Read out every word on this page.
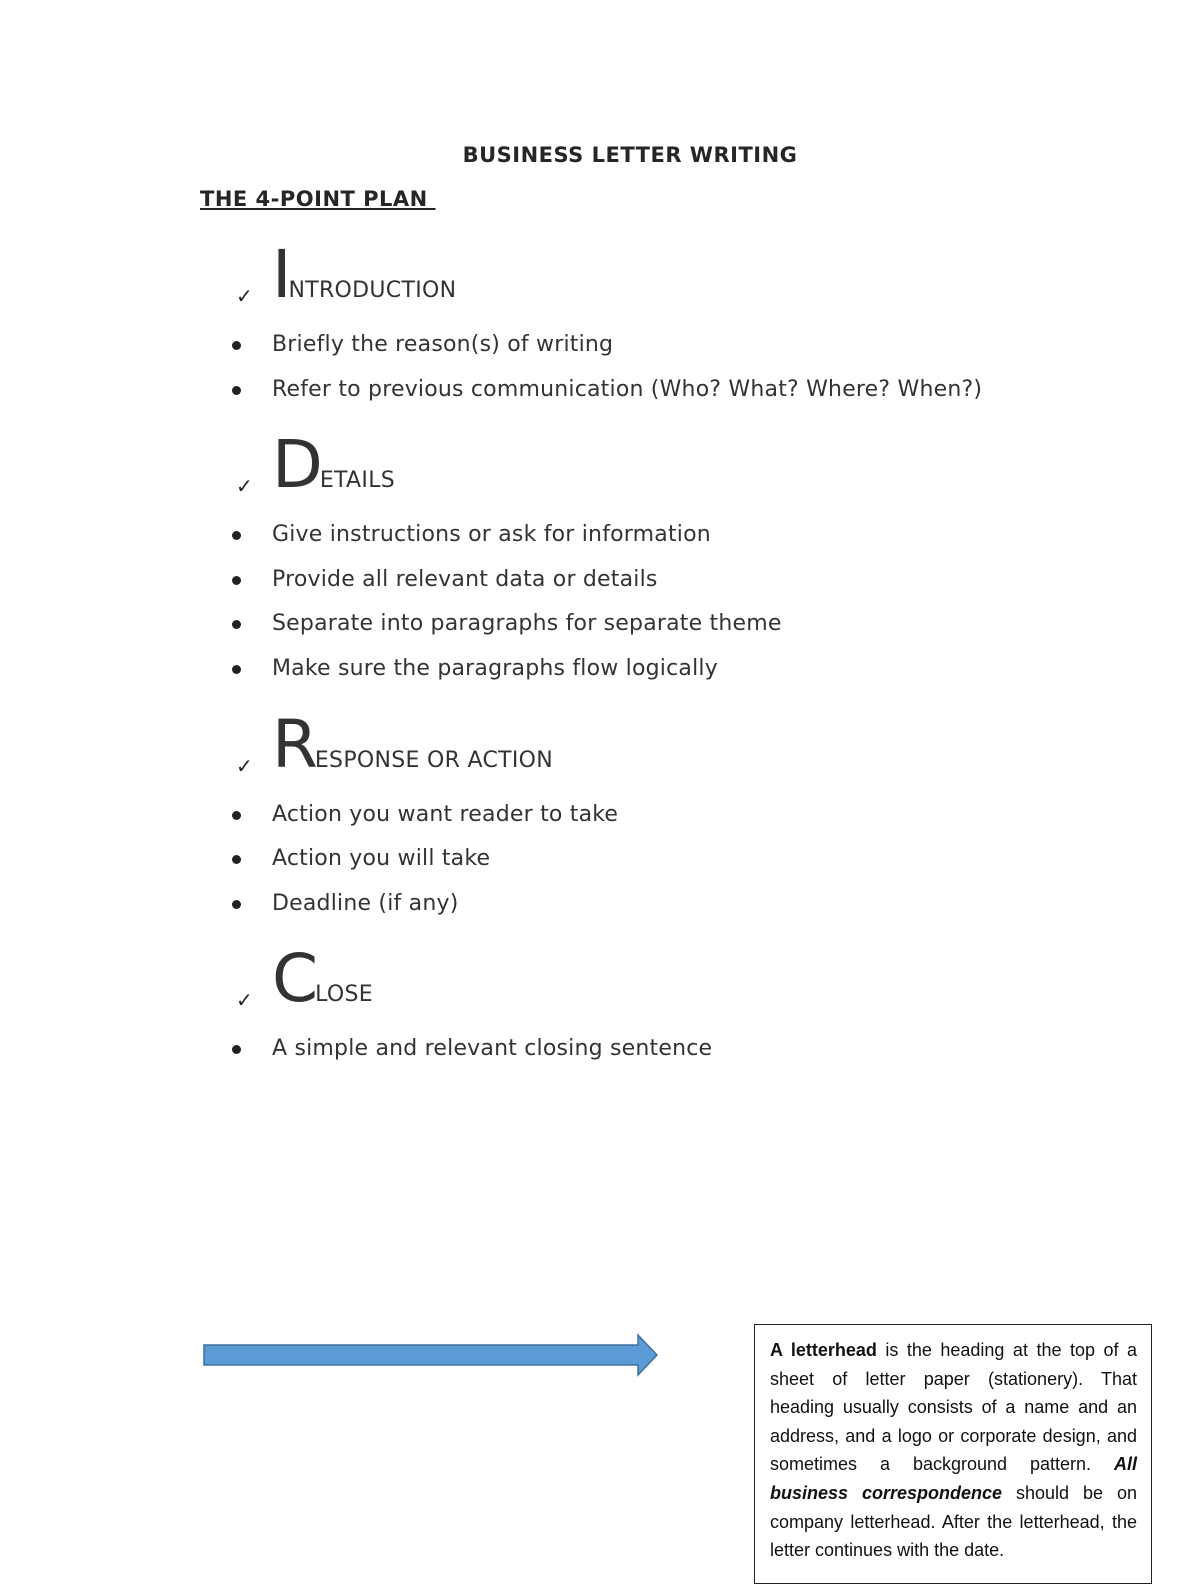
BUSINESS LETTER WRITING
THE 4-POINT PLAN
✓ INTRODUCTION
Briefly the reason(s) of writing
Refer to previous communication (Who? What? Where? When?)
✓ DETAILS
Give instructions or ask for information
Provide all relevant data or details
Separate into paragraphs for separate theme
Make sure the paragraphs flow logically
✓ RESPONSE OR ACTION
Action you want reader to take
Action you will take
Deadline (if any)
✓ CLOSE
A simple and relevant closing sentence
A letterhead is the heading at the top of a sheet of letter paper (stationery). That heading usually consists of a name and an address, and a logo or corporate design, and sometimes a background pattern. All business correspondence should be on company letterhead. After the letterhead, the letter continues with the date.
